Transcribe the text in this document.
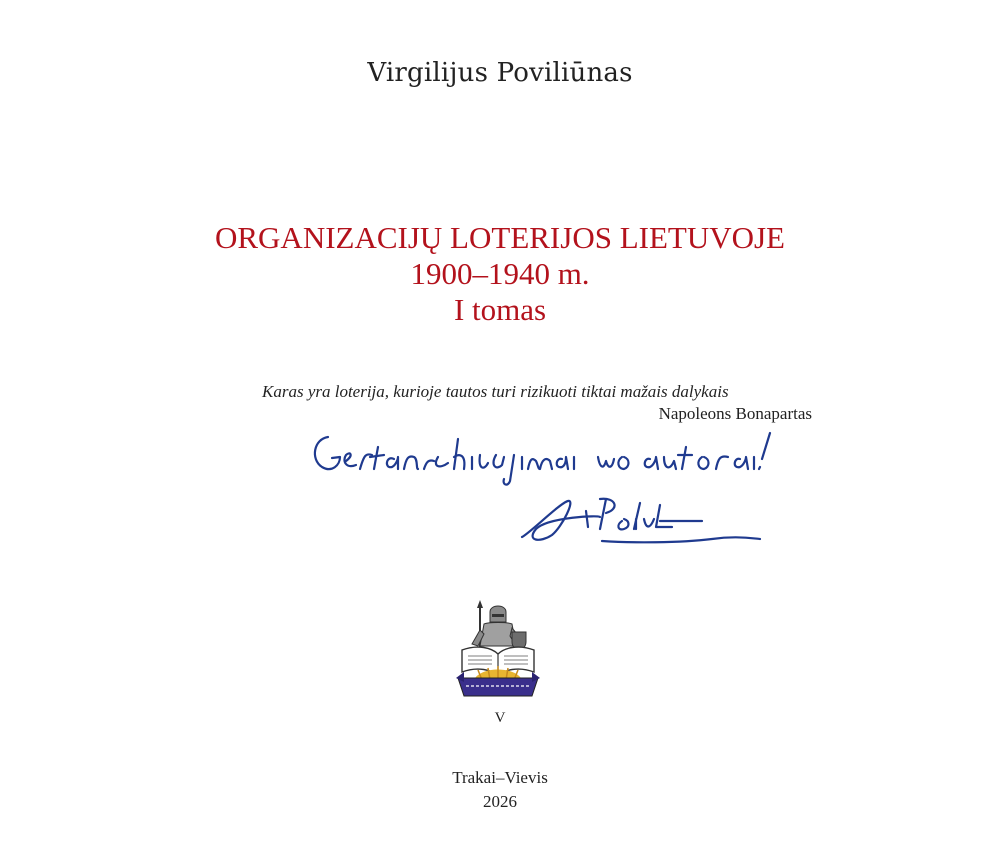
Virgilijus Poviliūnas
ORGANIZACIJŲ LOTERIJOS LIETUVOJE
1900–1940 m.
I tomas
Karas yra loterija, kurioje tautos turi rizikuoti tiktai mažais dalykais
Napoleons Bonapartas
V
Trakai–Vievis
2026
